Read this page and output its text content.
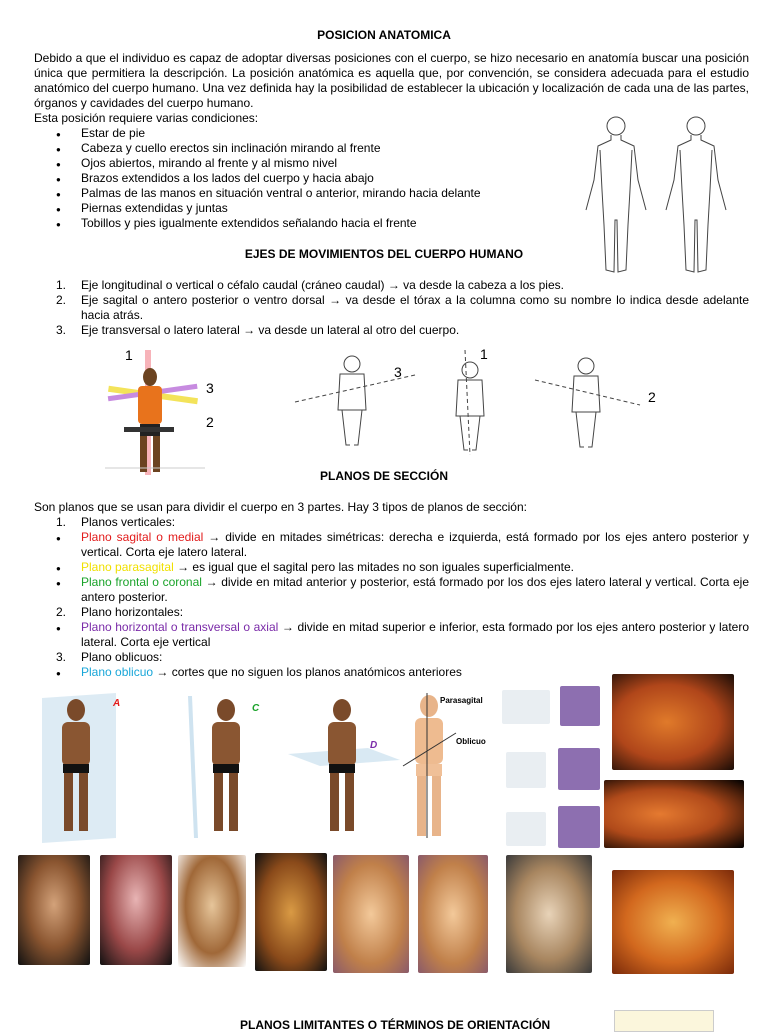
POSICION ANATOMICA
Debido a que el individuo es capaz de adoptar diversas posiciones con el cuerpo, se hizo necesario en anatomía buscar una posición única que permitiera la descripción. La posición anatómica es aquella que, por convención, se considera adecuada para el estudio anatómico del cuerpo humano. Una vez definida hay la posibilidad de establecer la ubicación y localización de cada una de las partes, órganos y cavidades del cuerpo humano.
Esta posición requiere varias condiciones:
● Estar de pie
● Cabeza y cuello erectos sin inclinación mirando al frente
● Ojos abiertos, mirando al frente y al mismo nivel
● Brazos extendidos a los lados del cuerpo y hacia abajo
● Palmas de las manos en situación ventral o anterior, mirando hacia delante
● Piernas extendidas y juntas
● Tobillos y pies igualmente extendidos señalando hacia el frente
EJES DE MOVIMIENTOS DEL CUERPO HUMANO
1. Eje longitudinal o vertical o céfalo caudal (cráneo caudal) → va desde la cabeza a los pies.
2. Eje sagital o antero posterior o ventro dorsal → va desde el tórax a la columna como su nombre lo indica desde adelante hacia atrás.
3. Eje transversal o latero lateral → va desde un lateral al otro del cuerpo.
1
3
2
3
1
2
PLANOS DE SECCIÓN
Son planos que se usan para dividir el cuerpo en 3 partes. Hay 3 tipos de planos de sección:
1. Planos verticales:
● Plano sagital o medial → divide en mitades simétricas: derecha e izquierda, está formado por los ejes antero posterior y vertical. Corta eje latero lateral.
● Plano parasagital → es igual que el sagital pero las mitades no son iguales superficialmente.
● Plano frontal o coronal → divide en mitad anterior y posterior, está formado por los dos ejes latero lateral y vertical. Corta eje antero posterior.
2. Plano horizontales:
● Plano horizontal o transversal o axial → divide en mitad superior e inferior, esta formado por los ejes antero posterior y latero lateral. Corta eje vertical
3. Plano oblicuos:
● Plano oblicuo → cortes que no siguen los planos anatómicos anteriores
A	C
D
Parasagital
Oblicuo
PLANOS LIMITANTES O TÉRMINOS DE ORIENTACIÓN
